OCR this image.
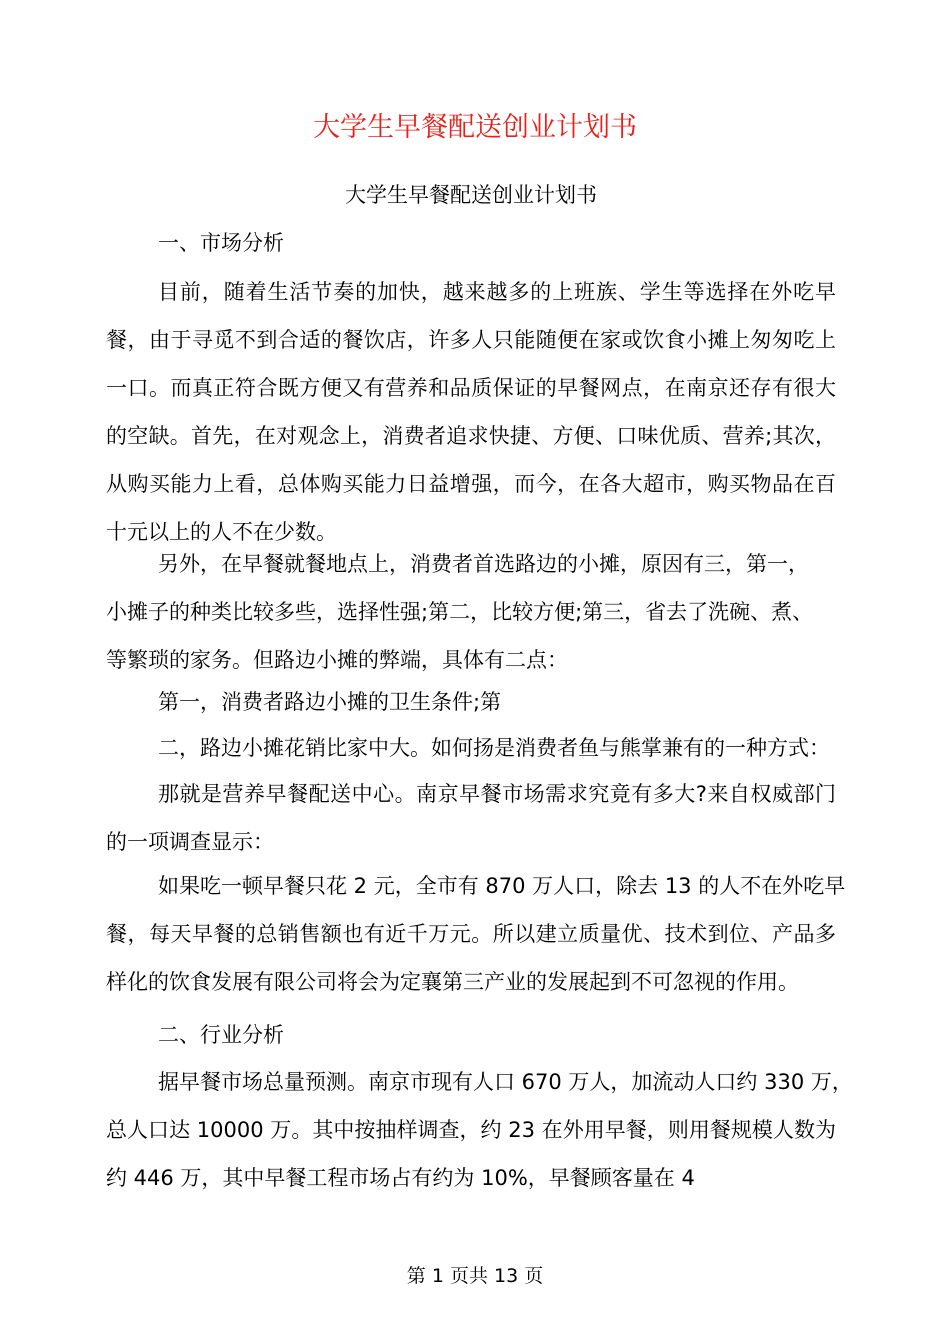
大学生早餐配送创业计划书
大学生早餐配送创业计划书
一、市场分析
目前，随着生活节奏的加快，越来越多的上班族、学生等选择在外吃早
餐，由于寻觅不到合适的餐饮店，许多人只能随便在家或饮食小摊上匆匆吃上
一口。而真正符合既方便又有营养和品质保证的早餐网点，在南京还存有很大
的空缺。首先，在对观念上，消费者追求快捷、方便、口味优质、营养;其次，
从购买能力上看，总体购买能力日益增强，而今，在各大超市，购买物品在百
十元以上的人不在少数。
另外，在早餐就餐地点上，消费者首选路边的小摊，原因有三，第一，
小摊子的种类比较多些，选择性强;第二，比较方便;第三，省去了洗碗、煮、
等繁琐的家务。但路边小摊的弊端，具体有二点：
第一，消费者路边小摊的卫生条件;第
二，路边小摊花销比家中大。如何扬是消费者鱼与熊掌兼有的一种方式：
那就是营养早餐配送中心。南京早餐市场需求究竟有多大?来自权威部门
的一项调查显示：
如果吃一顿早餐只花 2 元，全市有 870 万人口，除去 13 的人不在外吃早
餐，每天早餐的总销售额也有近千万元。所以建立质量优、技术到位、产品多
样化的饮食发展有限公司将会为定襄第三产业的发展起到不可忽视的作用。
二、行业分析
据早餐市场总量预测。南京市现有人口 670 万人，加流动人口约 330 万，
总人口达 10000 万。其中按抽样调查，约 23 在外用早餐，则用餐规模人数为
约 446 万，其中早餐工程市场占有约为 10%，早餐顾客量在 4
第 1 页共 13 页
